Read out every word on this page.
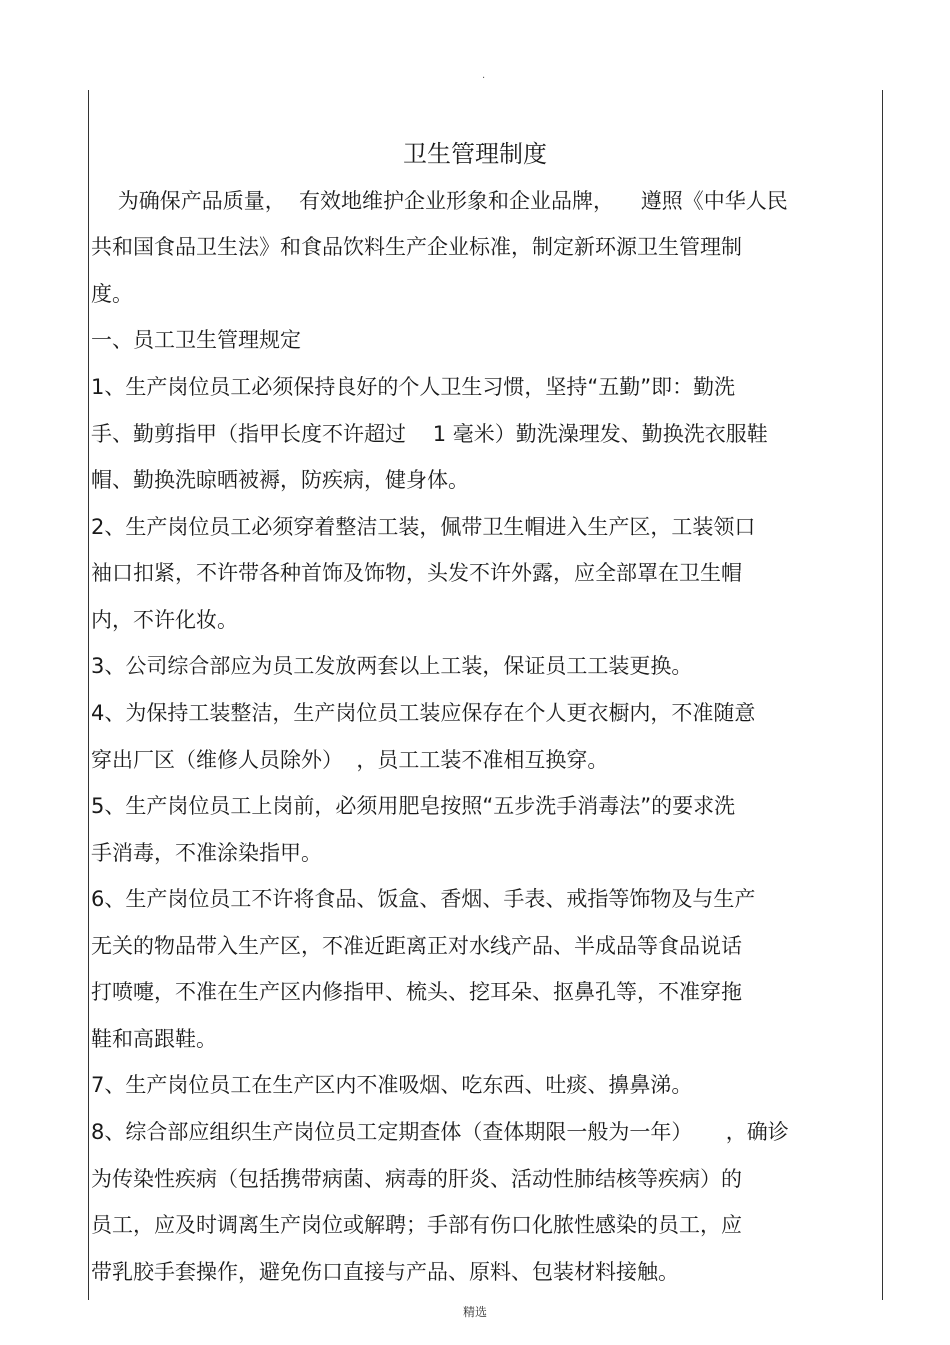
.
卫生管理制度
为确保产品质量，  有效地维护企业形象和企业品牌，    遵照《中华人民
共和国食品卫生法》和食品饮料生产企业标准，制定新环源卫生管理制
度。
一、员工卫生管理规定
1、生产岗位员工必须保持良好的个人卫生习惯，坚持“五勤”即：勤洗
手、勤剪指甲（指甲长度不许超过    1 毫米）勤洗澡理发、勤换洗衣服鞋
帽、勤换洗晾晒被褥，防疾病，健身体。
2、生产岗位员工必须穿着整洁工装，佩带卫生帽进入生产区，工装领口
袖口扣紧，不许带各种首饰及饰物，头发不许外露，应全部罩在卫生帽
内，不许化妆。
3、公司综合部应为员工发放两套以上工装，保证员工工装更换。
4、为保持工装整洁，生产岗位员工装应保存在个人更衣橱内，不准随意
穿出厂区（维修人员除外）  ，员工工装不准相互换穿。
5、生产岗位员工上岗前，必须用肥皂按照“五步洗手消毒法”的要求洗
手消毒，不准涂染指甲。
6、生产岗位员工不许将食品、饭盒、香烟、手表、戒指等饰物及与生产
无关的物品带入生产区，不准近距离正对水线产品、半成品等食品说话
打喷嚏，不准在生产区内修指甲、梳头、挖耳朵、抠鼻孔等，不准穿拖
鞋和高跟鞋。
7、生产岗位员工在生产区内不准吸烟、吃东西、吐痰、擤鼻涕。
8、综合部应组织生产岗位员工定期查体（查体期限一般为一年）     ，确诊
为传染性疾病（包括携带病菌、病毒的肝炎、活动性肺结核等疾病）的
员工，应及时调离生产岗位或解聘；手部有伤口化脓性感染的员工，应
带乳胶手套操作，避免伤口直接与产品、原料、包装材料接触。
精选
